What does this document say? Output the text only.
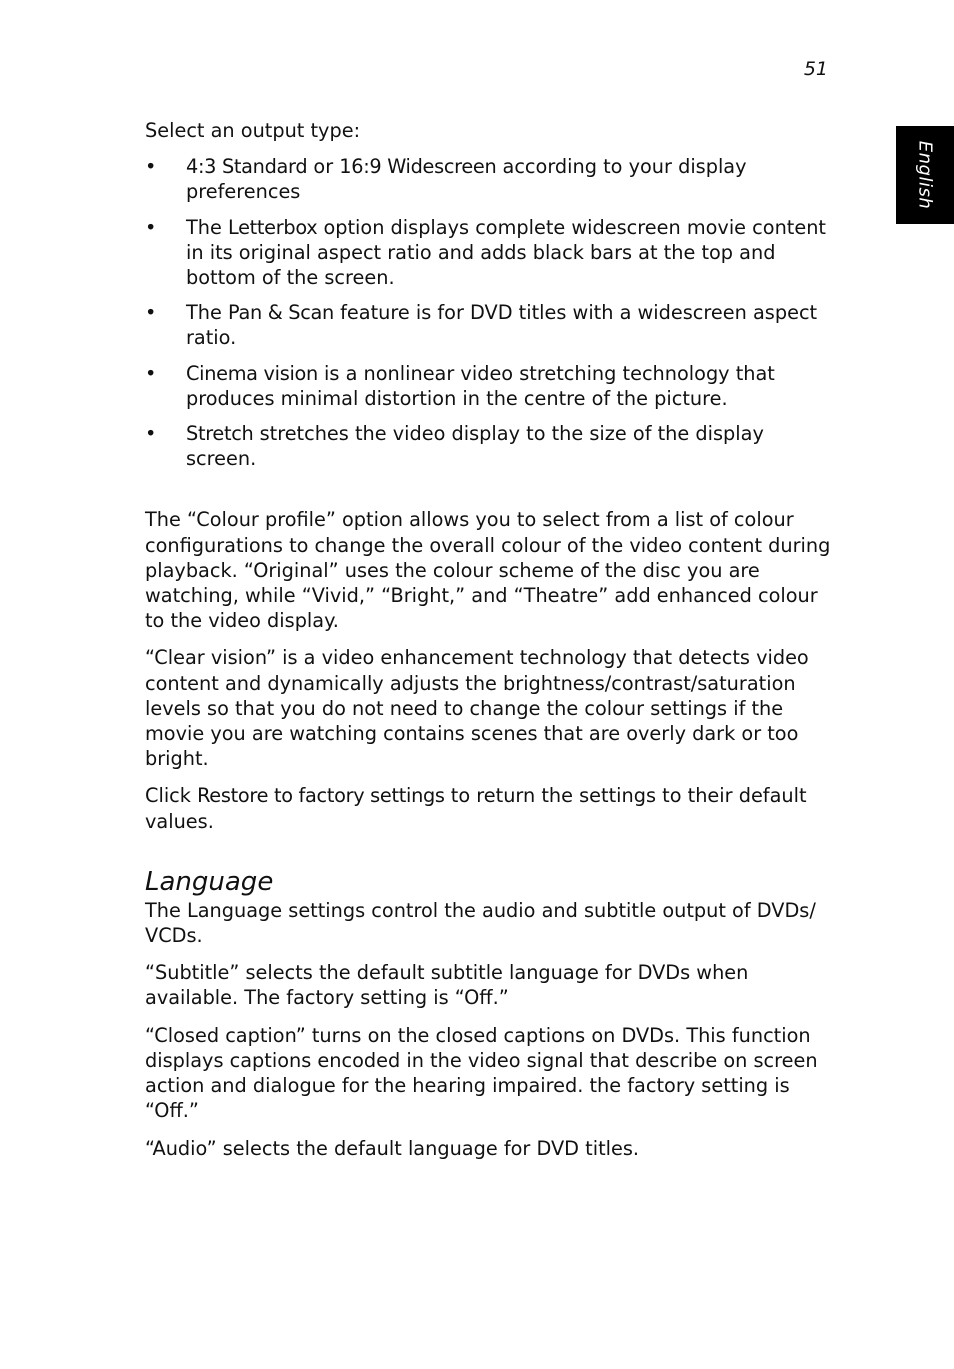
51
English

Select an output type:

• 4:3 Standard or 16:9 Widescreen according to your display preferences
• The Letterbox option displays complete widescreen movie content in its original aspect ratio and adds black bars at the top and bottom of the screen.
• The Pan & Scan feature is for DVD titles with a widescreen aspect ratio.
• Cinema vision is a nonlinear video stretching technology that produces minimal distortion in the centre of the picture.
• Stretch stretches the video display to the size of the display screen.

The “Colour profile” option allows you to select from a list of colour configurations to change the overall colour of the video content during playback. “Original” uses the colour scheme of the disc you are watching, while “Vivid,” “Bright,” and “Theatre” add enhanced colour to the video display.

“Clear vision” is a video enhancement technology that detects video content and dynamically adjusts the brightness/contrast/saturation levels so that you do not need to change the colour settings if the movie you are watching contains scenes that are overly dark or too bright.

Click Restore to factory settings to return the settings to their default values.

Language

The Language settings control the audio and subtitle output of DVDs/ VCDs.

“Subtitle” selects the default subtitle language for DVDs when available. The factory setting is “Off.”

“Closed caption” turns on the closed captions on DVDs. This function displays captions encoded in the video signal that describe on screen action and dialogue for the hearing impaired. the factory setting is “Off.”

“Audio” selects the default language for DVD titles.
